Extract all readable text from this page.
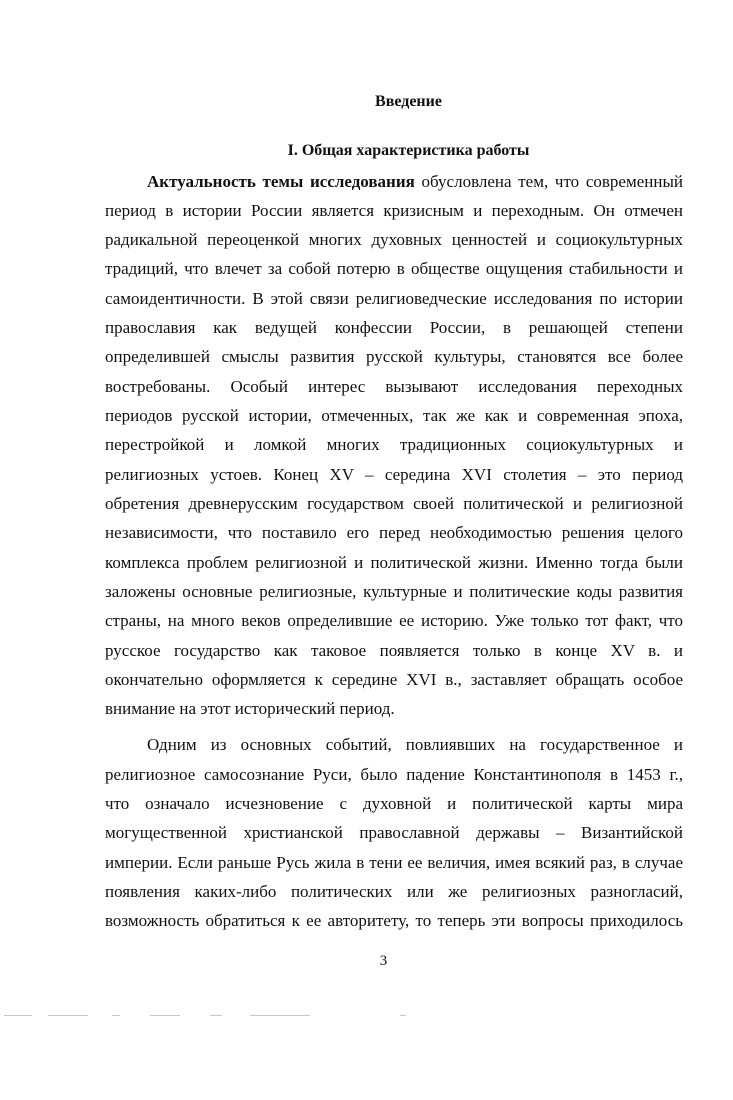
Введение
I. Общая характеристика работы
Актуальность темы исследования обусловлена тем, что современный
период в истории России является кризисным и переходным. Он отмечен
радикальной переоценкой многих духовных ценностей и социокультурных
традиций, что влечет за собой потерю в обществе ощущения стабильности и
самоидентичности. В этой связи религиоведческие исследования по истории
православия как ведущей конфессии России, в решающей степени
определившей смыслы развития русской культуры, становятся все более
востребованы. Особый интерес вызывают исследования переходных
периодов русской истории, отмеченных, так же как и современная эпоха,
перестройкой и ломкой многих традиционных социокультурных и
религиозных устоев. Конец XV – середина XVI столетия – это период
обретения древнерусским государством своей политической и религиозной
независимости, что поставило его перед необходимостью решения целого
комплекса проблем религиозной и политической жизни. Именно тогда были
заложены основные религиозные, культурные и политические коды развития
страны, на много веков определившие ее историю. Уже только тот факт, что
русское государство как таковое появляется только в конце XV в. и
окончательно оформляется к середине XVI в., заставляет обращать особое
внимание на этот исторический период.
Одним из основных событий, повлиявших на государственное и
религиозное самосознание Руси, было падение Константинополя в 1453 г.,
что означало исчезновение с духовной и политической карты мира
могущественной христианской православной державы – Византийской
империи. Если раньше Русь жила в тени ее величия, имея всякий раз, в случае
появления каких-либо политических или же религиозных разногласий,
возможность обратиться к ее авторитету, то теперь эти вопросы приходилось
3
